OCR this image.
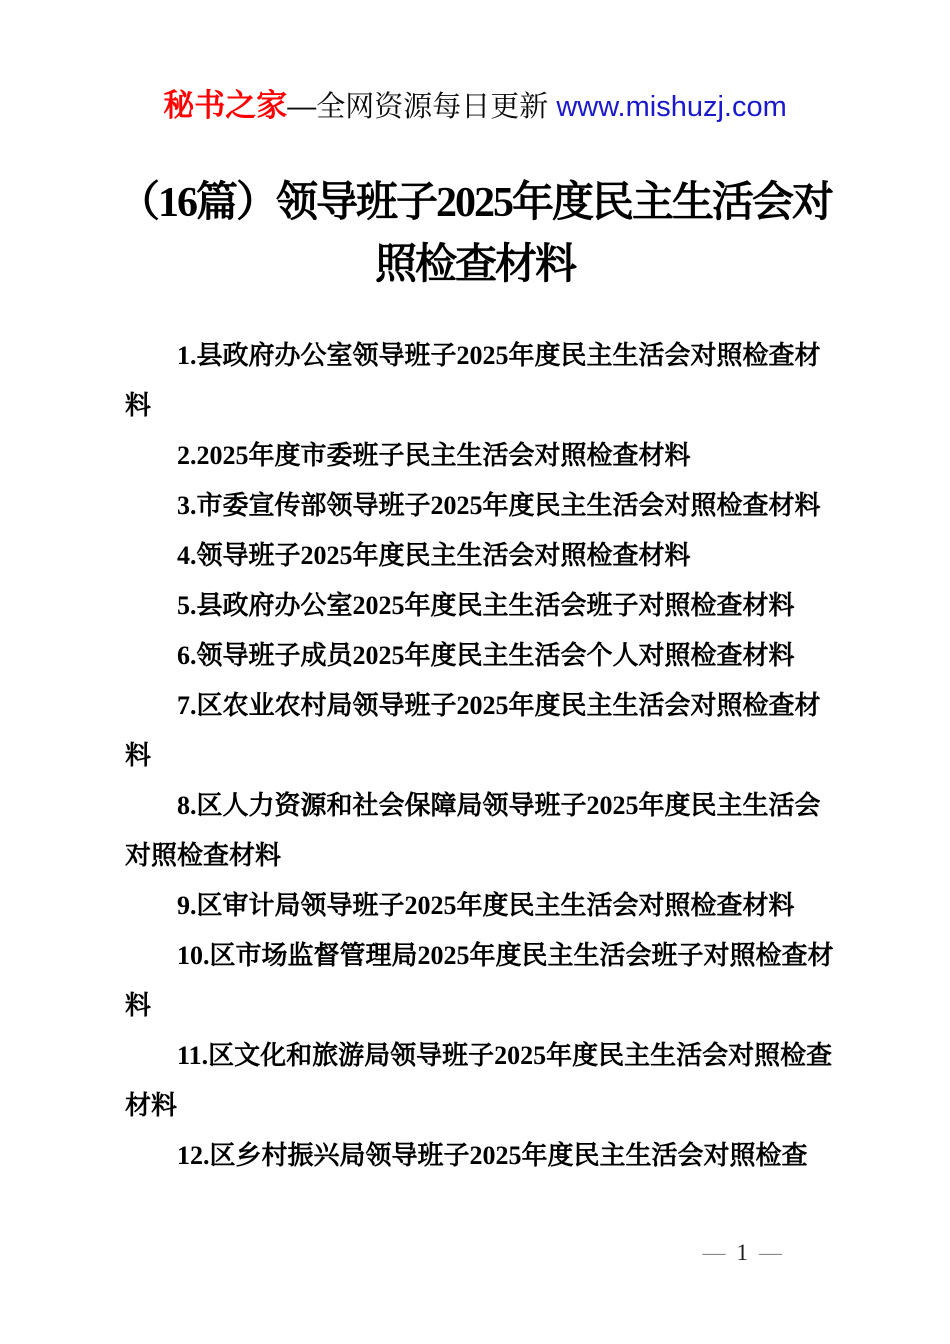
秘书之家—全网资源每日更新 www.mishuzj.com
（16篇）领导班子2025年度民主生活会对照检查材料

1.县政府办公室领导班子2025年度民主生活会对照检查材料

2.2025年度市委班子民主生活会对照检查材料

3.市委宣传部领导班子2025年度民主生活会对照检查材料

4.领导班子2025年度民主生活会对照检查材料

5.县政府办公室2025年度民主生活会班子对照检查材料

6.领导班子成员2025年度民主生活会个人对照检查材料

7.区农业农村局领导班子2025年度民主生活会对照检查材料

8.区人力资源和社会保障局领导班子2025年度民主生活会对照检查材料

9.区审计局领导班子2025年度民主生活会对照检查材料

10.区市场监督管理局2025年度民主生活会班子对照检查材料

11.区文化和旅游局领导班子2025年度民主生活会对照检查材料

12.区乡村振兴局领导班子2025年度民主生活会对照检查

— 1 —
